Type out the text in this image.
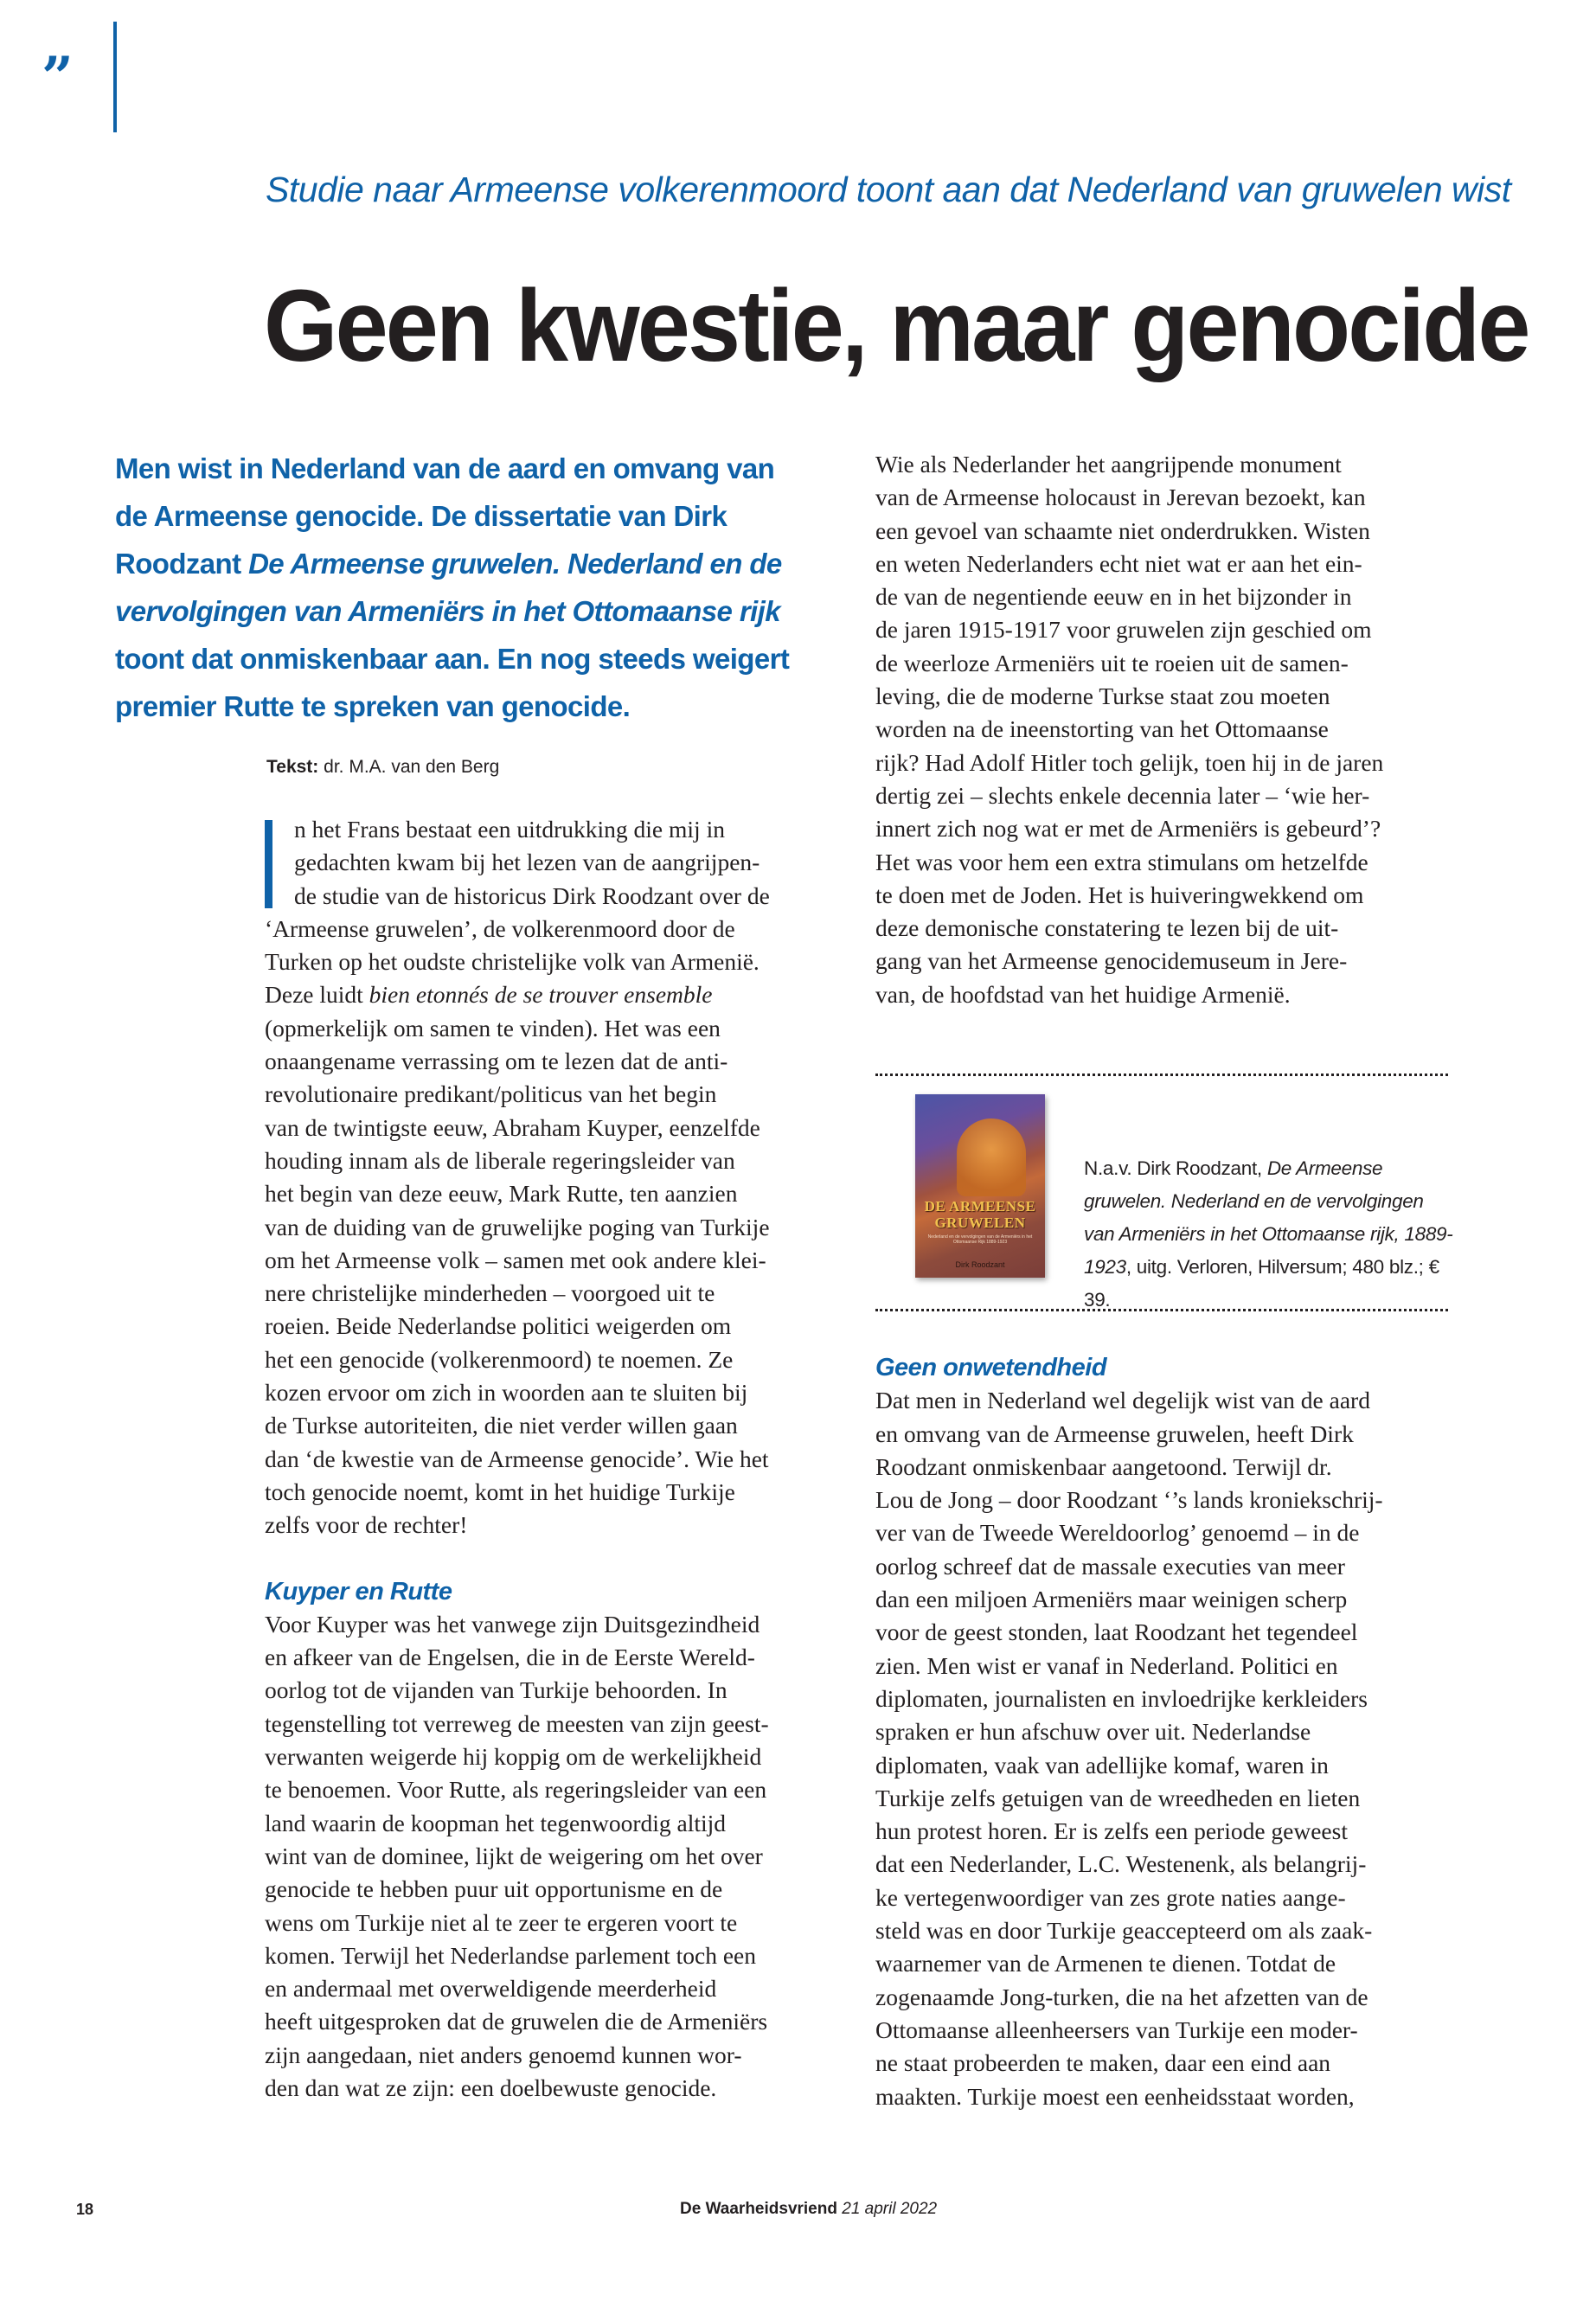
”
Studie naar Armeense volkerenmoord toont aan dat Nederland van gruwelen wist
Geen kwestie, maar genocide
Men wist in Nederland van de aard en omvang van de Armeense genocide. De dissertatie van Dirk Roodzant De Armeense gruwelen. Nederland en de vervolgingen van Armeniërs in het Ottomaanse rijk toont dat onmiskenbaar aan. En nog steeds weigert premier Rutte te spreken van genocide.
Tekst: dr. M.A. van den Berg
n het Frans bestaat een uitdrukking die mij in
gedachten kwam bij het lezen van de aangrijpen-
de studie van de historicus Dirk Roodzant over de
‘Armeense gruwelen’, de volkerenmoord door de
Turken op het oudste christelijke volk van Armenië.
Deze luidt bien etonnés de se trouver ensemble
(opmerkelijk om samen te vinden). Het was een
onaangename verrassing om te lezen dat de anti-
revolutionaire predikant/politicus van het begin
van de twintigste eeuw, Abraham Kuyper, eenzelfde
houding innam als de liberale regeringsleider van
het begin van deze eeuw, Mark Rutte, ten aanzien
van de duiding van de gruwelijke poging van Turkije
om het Armeense volk – samen met ook andere klei-
nere christelijke minderheden – voorgoed uit te
roeien. Beide Nederlandse politici weigerden om
het een genocide (volkerenmoord) te noemen. Ze
kozen ervoor om zich in woorden aan te sluiten bij
de Turkse autoriteiten, die niet verder willen gaan
dan ‘de kwestie van de Armeense genocide’. Wie het
toch genocide noemt, komt in het huidige Turkije
zelfs voor de rechter!
Kuyper en Rutte
Voor Kuyper was het vanwege zijn Duitsgezindheid
en afkeer van de Engelsen, die in de Eerste Wereld-
oorlog tot de vijanden van Turkije behoorden. In
tegenstelling tot verreweg de meesten van zijn geest-
verwanten weigerde hij koppig om de werkelijkheid
te benoemen. Voor Rutte, als regeringsleider van een
land waarin de koopman het tegenwoordig altijd
wint van de dominee, lijkt de weigering om het over
genocide te hebben puur uit opportunisme en de
wens om Turkije niet al te zeer te ergeren voort te
komen. Terwijl het Nederlandse parlement toch een
en andermaal met overweldigende meerderheid
heeft uitgesproken dat de gruwelen die de Armeniërs
zijn aangedaan, niet anders genoemd kunnen wor-
den dan wat ze zijn: een doelbewuste genocide.
Wie als Nederlander het aangrijpende monument
van de Armeense holocaust in Jerevan bezoekt, kan
een gevoel van schaamte niet onderdrukken. Wisten
en weten Nederlanders echt niet wat er aan het ein-
de van de negentiende eeuw en in het bijzonder in
de jaren 1915-1917 voor gruwelen zijn geschied om
de weerloze Armeniërs uit te roeien uit de samen-
leving, die de moderne Turkse staat zou moeten
worden na de ineenstorting van het Ottomaanse
rijk? Had Adolf Hitler toch gelijk, toen hij in de jaren
dertig zei – slechts enkele decennia later – ‘wie her-
innert zich nog wat er met de Armeniërs is gebeurd’?
Het was voor hem een extra stimulans om hetzelfde
te doen met de Joden. Het is huiveringwekkend om
deze demonische constatering te lezen bij de uit-
gang van het Armeense genocidemuseum in Jere-
van, de hoofdstad van het huidige Armenië.
DE ARMEENSE
GRUWELEN
Nederland en de vervolgingen van de Armeniërs in het Ottomaanse Rijk 1889-1923
Dirk Roodzant
N.a.v. Dirk Roodzant, De Armeense gruwelen. Nederland en de vervolgingen van Armeniërs in het Ottomaanse rijk, 1889-1923, uitg. Verloren, Hilversum; 480 blz.; € 39.
Geen onwetendheid
Dat men in Nederland wel degelijk wist van de aard
en omvang van de Armeense gruwelen, heeft Dirk
Roodzant onmiskenbaar aangetoond. Terwijl dr.
Lou de Jong – door Roodzant ‘’s lands kroniekschrij-
ver van de Tweede Wereldoorlog’ genoemd – in de
oorlog schreef dat de massale executies van meer
dan een miljoen Armeniërs maar weinigen scherp
voor de geest stonden, laat Roodzant het tegendeel
zien. Men wist er vanaf in Nederland. Politici en
diplomaten, journalisten en invloedrijke kerkleiders
spraken er hun afschuw over uit. Nederlandse
diplomaten, vaak van adellijke komaf, waren in
Turkije zelfs getuigen van de wreedheden en lieten
hun protest horen. Er is zelfs een periode geweest
dat een Nederlander, L.C. Westenenk, als belangrij-
ke vertegenwoordiger van zes grote naties aange-
steld was en door Turkije geaccepteerd om als zaak-
waarnemer van de Armenen te dienen. Totdat de
zogenaamde Jong-turken, die na het afzetten van de
Ottomaanse alleenheersers van Turkije een moder-
ne staat probeerden te maken, daar een eind aan
maakten. Turkije moest een eenheidsstaat worden,
18	De Waarheidsvriend 21 april 2022
